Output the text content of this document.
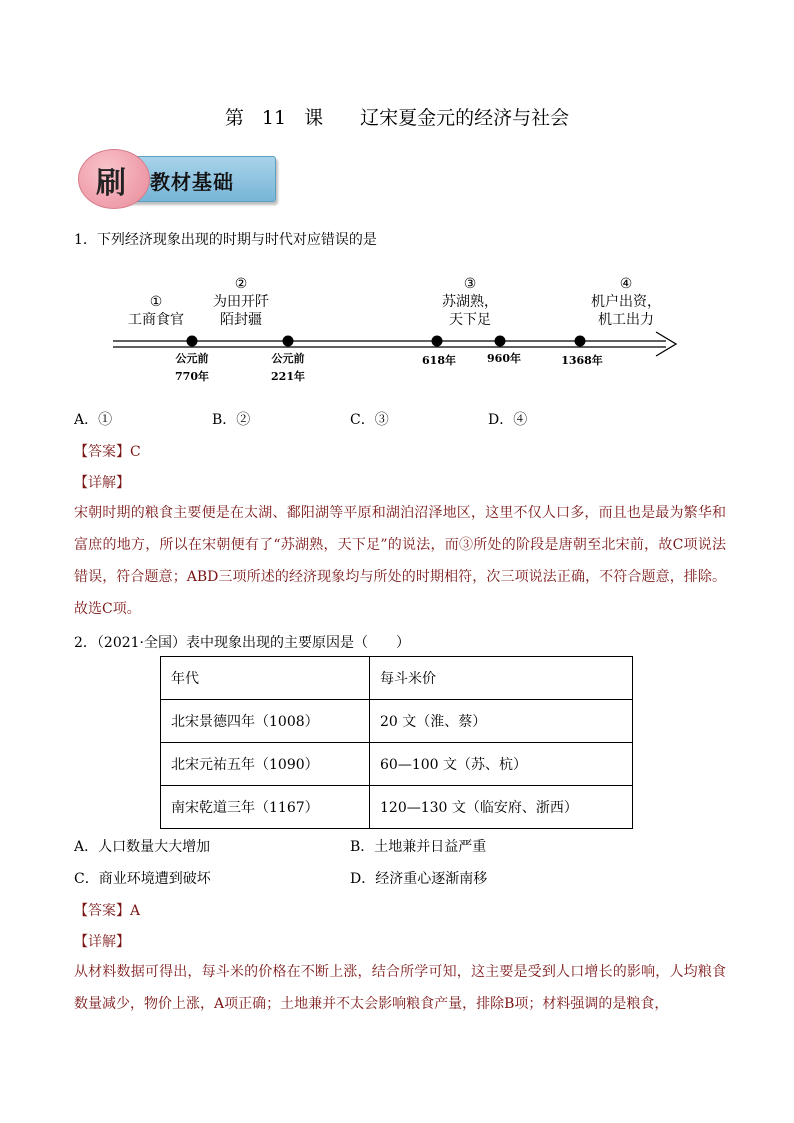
第 11 课　 辽宋夏金元的经济与社会
刷 教材基础
1．下列经济现象出现的时期与时代对应错误的是
①
工商食官
②
为田开阡
陌封疆
③
苏湖熟，
天下足
④
机户出资，
机工出力
公元前
770年
公元前
221年
618年	960年	1368年
A．①	B．②	C．③	D．④
【答案】C
【详解】
宋朝时期的粮食主要便是在太湖、鄱阳湖等平原和湖泊沼泽地区，这里不仅人口多，而且也是最为繁华和富庶的地方，所以在宋朝便有了“苏湖熟，天下足”的说法，而③所处的阶段是唐朝至北宋前，故C项说法错误，符合题意；ABD三项所述的经济现象均与所处的时期相符，次三项说法正确，不符合题意，排除。故选C项。
2．（2021·全国）表中现象出现的主要原因是（　　）
年代	每斗米价
北宋景德四年（1008）	20 文（淮、蔡）
北宋元祐五年（1090）	60—100 文（苏、杭）
南宋乾道三年（1167）	120—130 文（临安府、浙西）
A．人口数量大大增加	B．土地兼并日益严重
C．商业环境遭到破坏	D．经济重心逐渐南移
【答案】A
【详解】
从材料数据可得出，每斗米的价格在不断上涨，结合所学可知，这主要是受到人口增长的影响，人均粮食数量减少，物价上涨，A项正确；土地兼并不太会影响粮食产量，排除B项；材料强调的是粮食，
